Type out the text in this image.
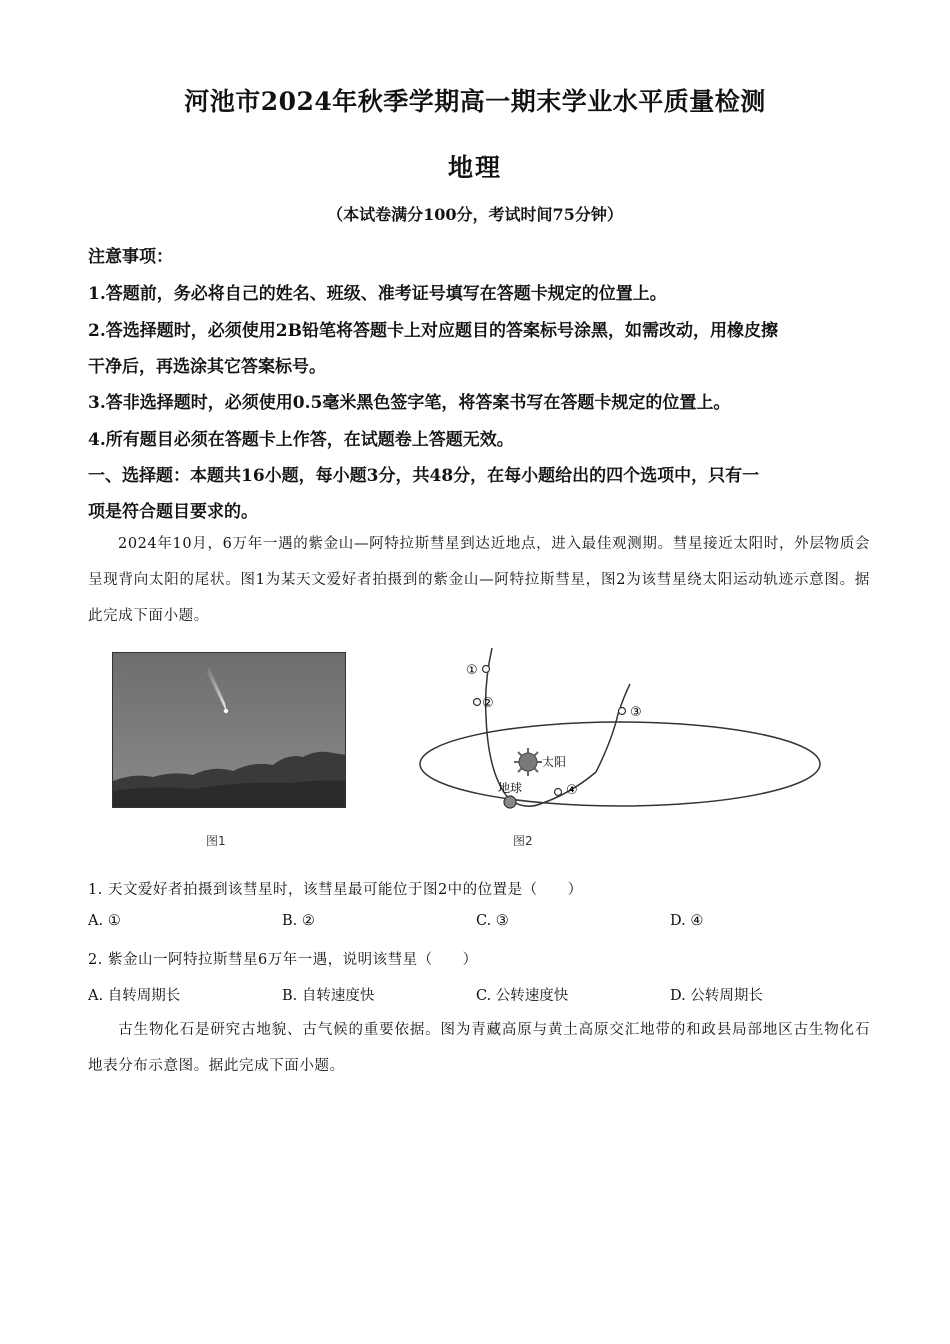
河池市2024年秋季学期高一期末学业水平质量检测
地理
（本试卷满分100分，考试时间75分钟）
注意事项：
1.答题前，务必将自己的姓名、班级、准考证号填写在答题卡规定的位置上。
2.答选择题时，必须使用2B铅笔将答题卡上对应题目的答案标号涂黑，如需改动，用橡皮擦
干净后，再选涂其它答案标号。
3.答非选择题时，必须使用0.5毫米黑色签字笔，将答案书写在答题卡规定的位置上。
4.所有题目必须在答题卡上作答，在试题卷上答题无效。
一、选择题：本题共16小题，每小题3分，共48分，在每小题给出的四个选项中，只有一
项是符合题目要求的。
2024年10月，6万年一遇的紫金山—阿特拉斯彗星到达近地点，进入最佳观测期。彗星接近太阳时，外层物质会呈现背向太阳的尾状。图1为某天文爱好者拍摄到的紫金山—阿特拉斯彗星，图2为该彗星绕太阳运动轨迹示意图。据此完成下面小题。
太阳
地球
①
②
③
④
图1	图2
1. 天文爱好者拍摄到该彗星时，该彗星最可能位于图2中的位置是（　　）
A. ①	B. ②	C. ③	D. ④
2. 紫金山一阿特拉斯彗星6万年一遇，说明该彗星（　　）
A. 自转周期长	B. 自转速度快	C. 公转速度快	D. 公转周期长
古生物化石是研究古地貌、古气候的重要依据。图为青藏高原与黄土高原交汇地带的和政县局部地区古生物化石地表分布示意图。据此完成下面小题。
